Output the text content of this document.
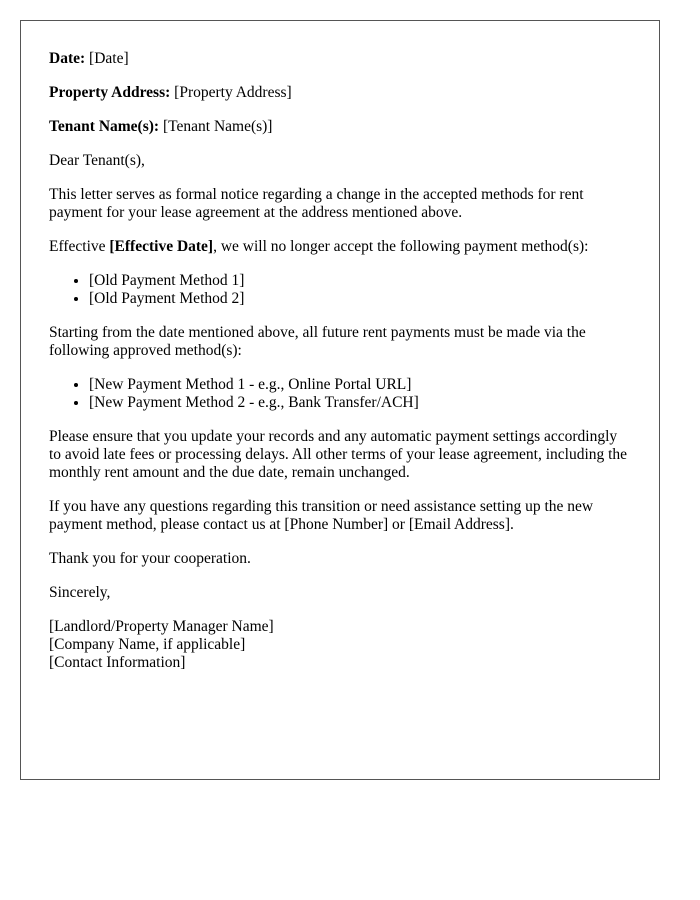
Date: [Date]

Property Address: [Property Address]

Tenant Name(s): [Tenant Name(s)]

Dear Tenant(s),

This letter serves as formal notice regarding a change in the accepted methods for rent payment for your lease agreement at the address mentioned above.

Effective [Effective Date], we will no longer accept the following payment method(s):

• [Old Payment Method 1]
• [Old Payment Method 2]

Starting from the date mentioned above, all future rent payments must be made via the following approved method(s):

• [New Payment Method 1 - e.g., Online Portal URL]
• [New Payment Method 2 - e.g., Bank Transfer/ACH]

Please ensure that you update your records and any automatic payment settings accordingly to avoid late fees or processing delays. All other terms of your lease agreement, including the monthly rent amount and the due date, remain unchanged.

If you have any questions regarding this transition or need assistance setting up the new payment method, please contact us at [Phone Number] or [Email Address].

Thank you for your cooperation.

Sincerely,

[Landlord/Property Manager Name]
[Company Name, if applicable]
[Contact Information]
